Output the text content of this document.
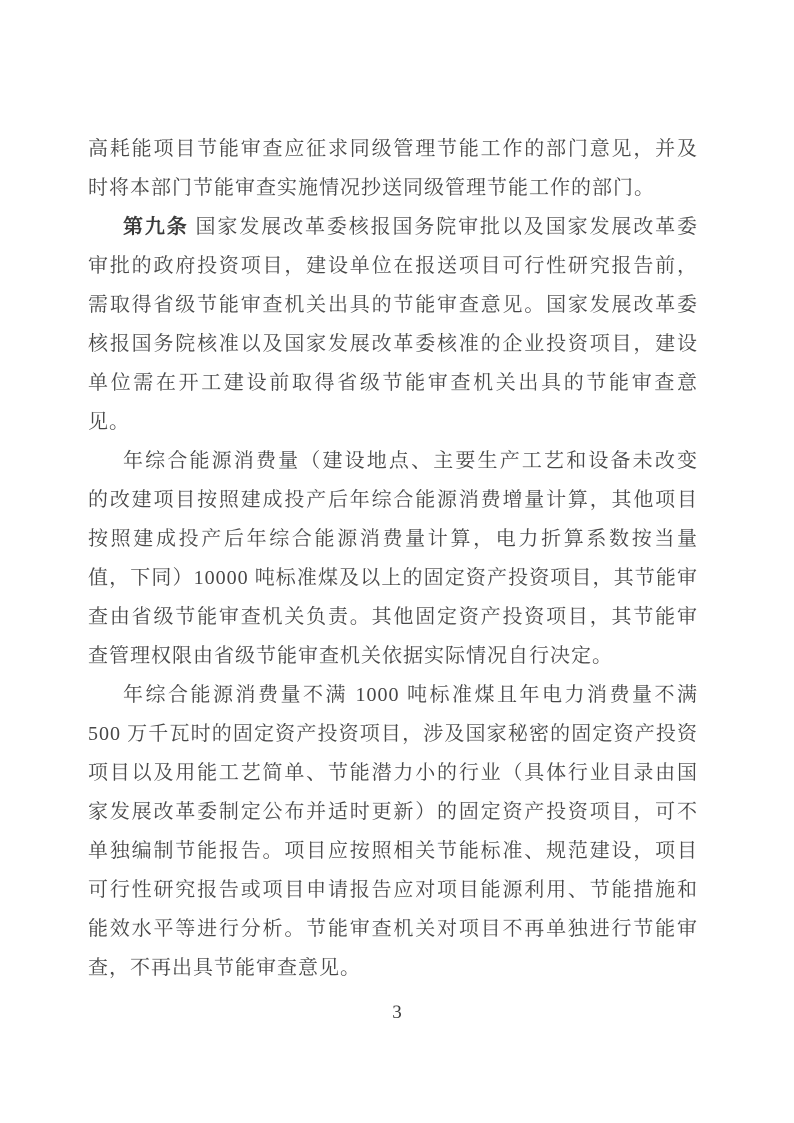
高耗能项目节能审查应征求同级管理节能工作的部门意见，并及
时将本部门节能审查实施情况抄送同级管理节能工作的部门。
第九条 国家发展改革委核报国务院审批以及国家发展改革委
审批的政府投资项目，建设单位在报送项目可行性研究报告前，
需取得省级节能审查机关出具的节能审查意见。国家发展改革委
核报国务院核准以及国家发展改革委核准的企业投资项目，建设
单位需在开工建设前取得省级节能审查机关出具的节能审查意
见。
年综合能源消费量（建设地点、主要生产工艺和设备未改变
的改建项目按照建成投产后年综合能源消费增量计算，其他项目
按照建成投产后年综合能源消费量计算，电力折算系数按当量
值，下同）10000 吨标准煤及以上的固定资产投资项目，其节能审
查由省级节能审查机关负责。其他固定资产投资项目，其节能审
查管理权限由省级节能审查机关依据实际情况自行决定。
年综合能源消费量不满 1000 吨标准煤且年电力消费量不满
500 万千瓦时的固定资产投资项目，涉及国家秘密的固定资产投资
项目以及用能工艺简单、节能潜力小的行业（具体行业目录由国
家发展改革委制定公布并适时更新）的固定资产投资项目，可不
单独编制节能报告。项目应按照相关节能标准、规范建设，项目
可行性研究报告或项目申请报告应对项目能源利用、节能措施和
能效水平等进行分析。节能审查机关对项目不再单独进行节能审
查，不再出具节能审查意见。
3
